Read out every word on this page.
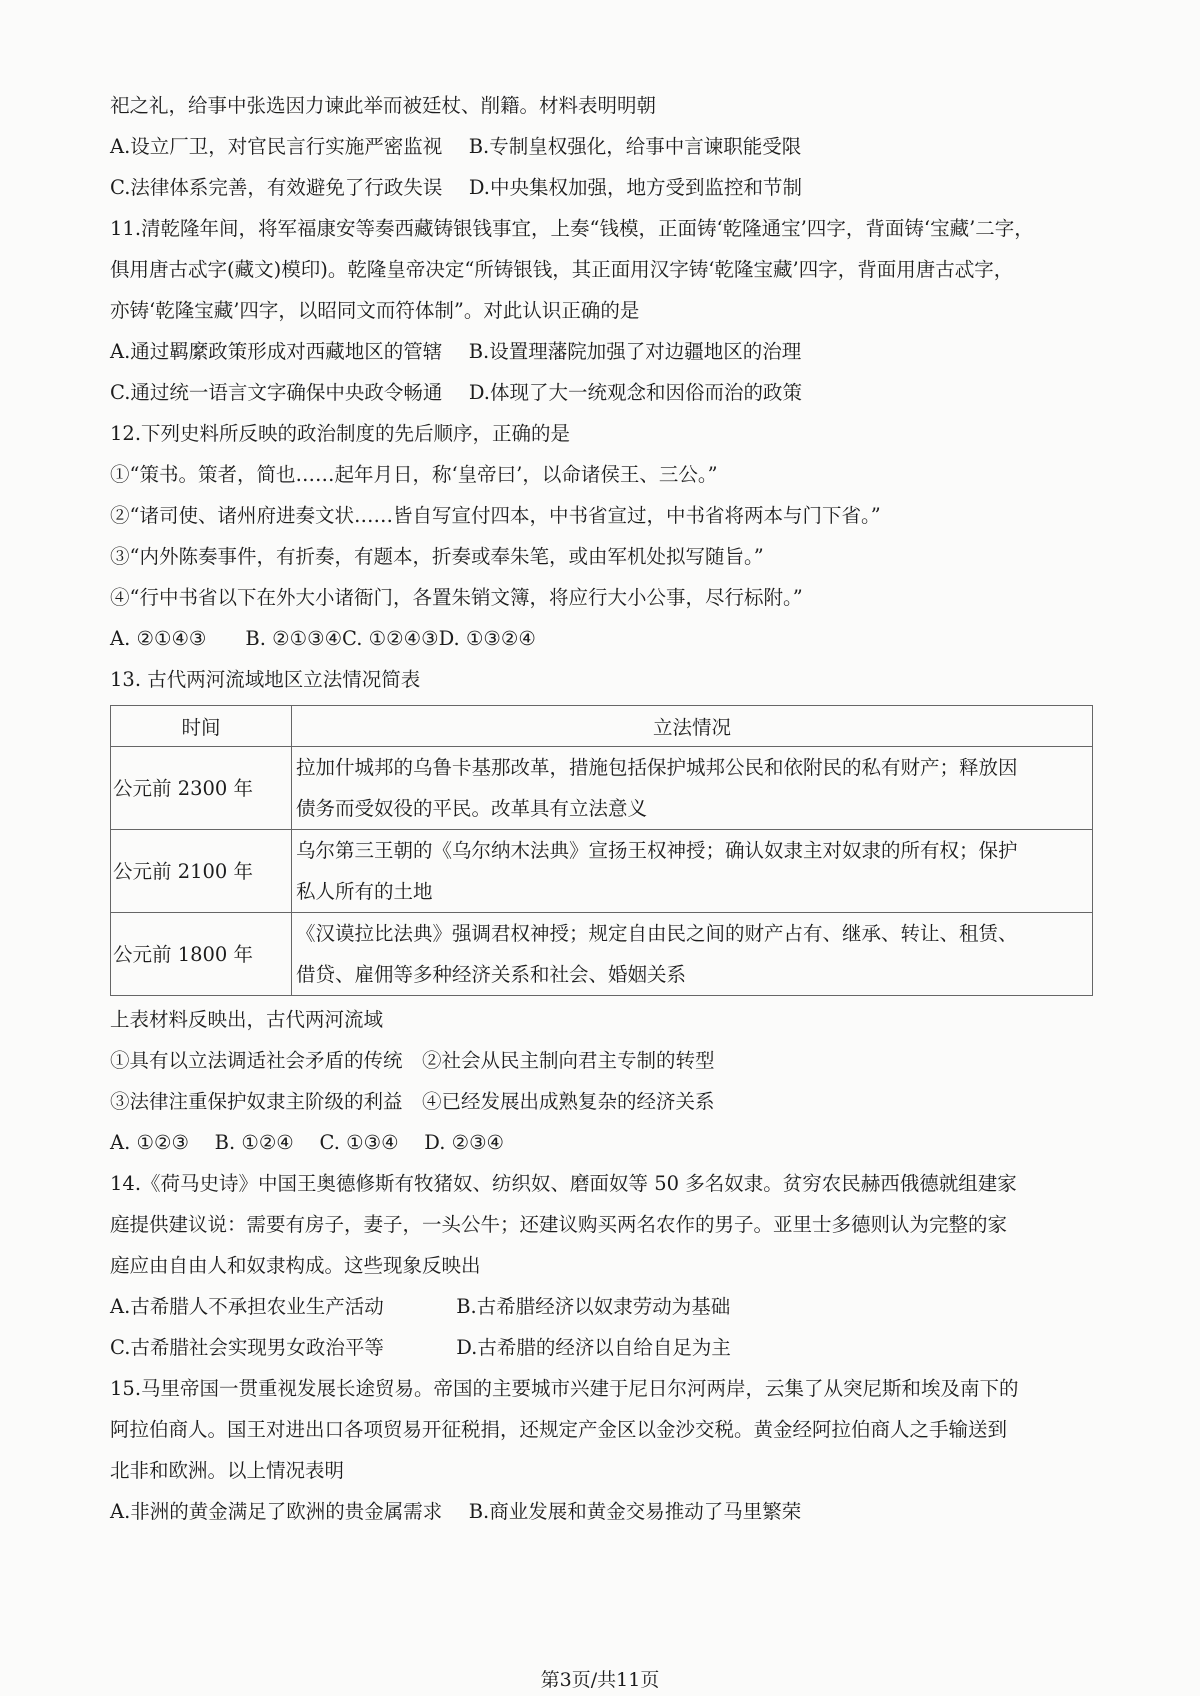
祀之礼，给事中张选因力谏此举而被廷杖、削籍。材料表明明朝
A.设立厂卫，对官民言行实施严密监视 B.专制皇权强化，给事中言谏职能受限
C.法律体系完善，有效避免了行政失误 D.中央集权加强，地方受到监控和节制
11.清乾隆年间，将军福康安等奏西藏铸银钱事宜，上奏“钱模，正面铸‘乾隆通宝’四字，背面铸‘宝藏’二字，
俱用唐古忒字(藏文)模印)。乾隆皇帝决定“所铸银钱，其正面用汉字铸‘乾隆宝藏’四字，背面用唐古忒字，
亦铸‘乾隆宝藏’四字，以昭同文而符体制”。对此认识正确的是
A.通过羁縻政策形成对西藏地区的管辖 B.设置理藩院加强了对边疆地区的治理
C.通过统一语言文字确保中央政令畅通 D.体现了大一统观念和因俗而治的政策
12.下列史料所反映的政治制度的先后顺序，正确的是
①“策书。策者，简也……起年月日，称‘皇帝曰’，以命诸侯王、三公。”
②“诸司使、诸州府进奏文状……皆自写宣付四本，中书省宣过，中书省将两本与门下省。”
③“内外陈奏事件，有折奏，有题本，折奏或奉朱笔，或由军机处拟写随旨。”
④“行中书省以下在外大小诸衙门，各置朱销文簿，将应行大小公事，尽行标附。”
A. ②①④③　　B. ②①③④C. ①②④③D. ①③②④
13. 古代两河流域地区立法情况简表
时间	立法情况
公元前 2300 年	拉加什城邦的乌鲁卡基那改革，措施包括保护城邦公民和依附民的私有财产；释放因
债务而受奴役的平民。改革具有立法意义

公元前 2100 年	乌尔第三王朝的《乌尔纳木法典》宣扬王权神授；确认奴隶主对奴隶的所有权；保护
私人所有的土地

公元前 1800 年	《汉谟拉比法典》强调君权神授；规定自由民之间的财产占有、继承、转让、租赁、
借贷、雇佣等多种经济关系和社会、婚姻关系
上表材料反映出，古代两河流域
①具有以立法调适社会矛盾的传统　②社会从民主制向君主专制的转型
③法律注重保护奴隶主阶级的利益　④已经发展出成熟复杂的经济关系
A. ①②③　 B. ①②④　 C. ①③④　 D. ②③④
14.《荷马史诗》中国王奥德修斯有牧猪奴、纺织奴、磨面奴等 50 多名奴隶。贫穷农民赫西俄德就组建家
庭提供建议说：需要有房子，妻子，一头公牛；还建议购买两名农作的男子。亚里士多德则认为完整的家
庭应由自由人和奴隶构成。这些现象反映出
A.古希腊人不承担农业生产活动	B.古希腊经济以奴隶劳动为基础
C.古希腊社会实现男女政治平等	D.古希腊的经济以自给自足为主
15.马里帝国一贯重视发展长途贸易。帝国的主要城市兴建于尼日尔河两岸，云集了从突尼斯和埃及南下的
阿拉伯商人。国王对进出口各项贸易开征税捐，还规定产金区以金沙交税。黄金经阿拉伯商人之手输送到
北非和欧洲。以上情况表明
A.非洲的黄金满足了欧洲的贵金属需求 B.商业发展和黄金交易推动了马里繁荣
第3页/共11页
